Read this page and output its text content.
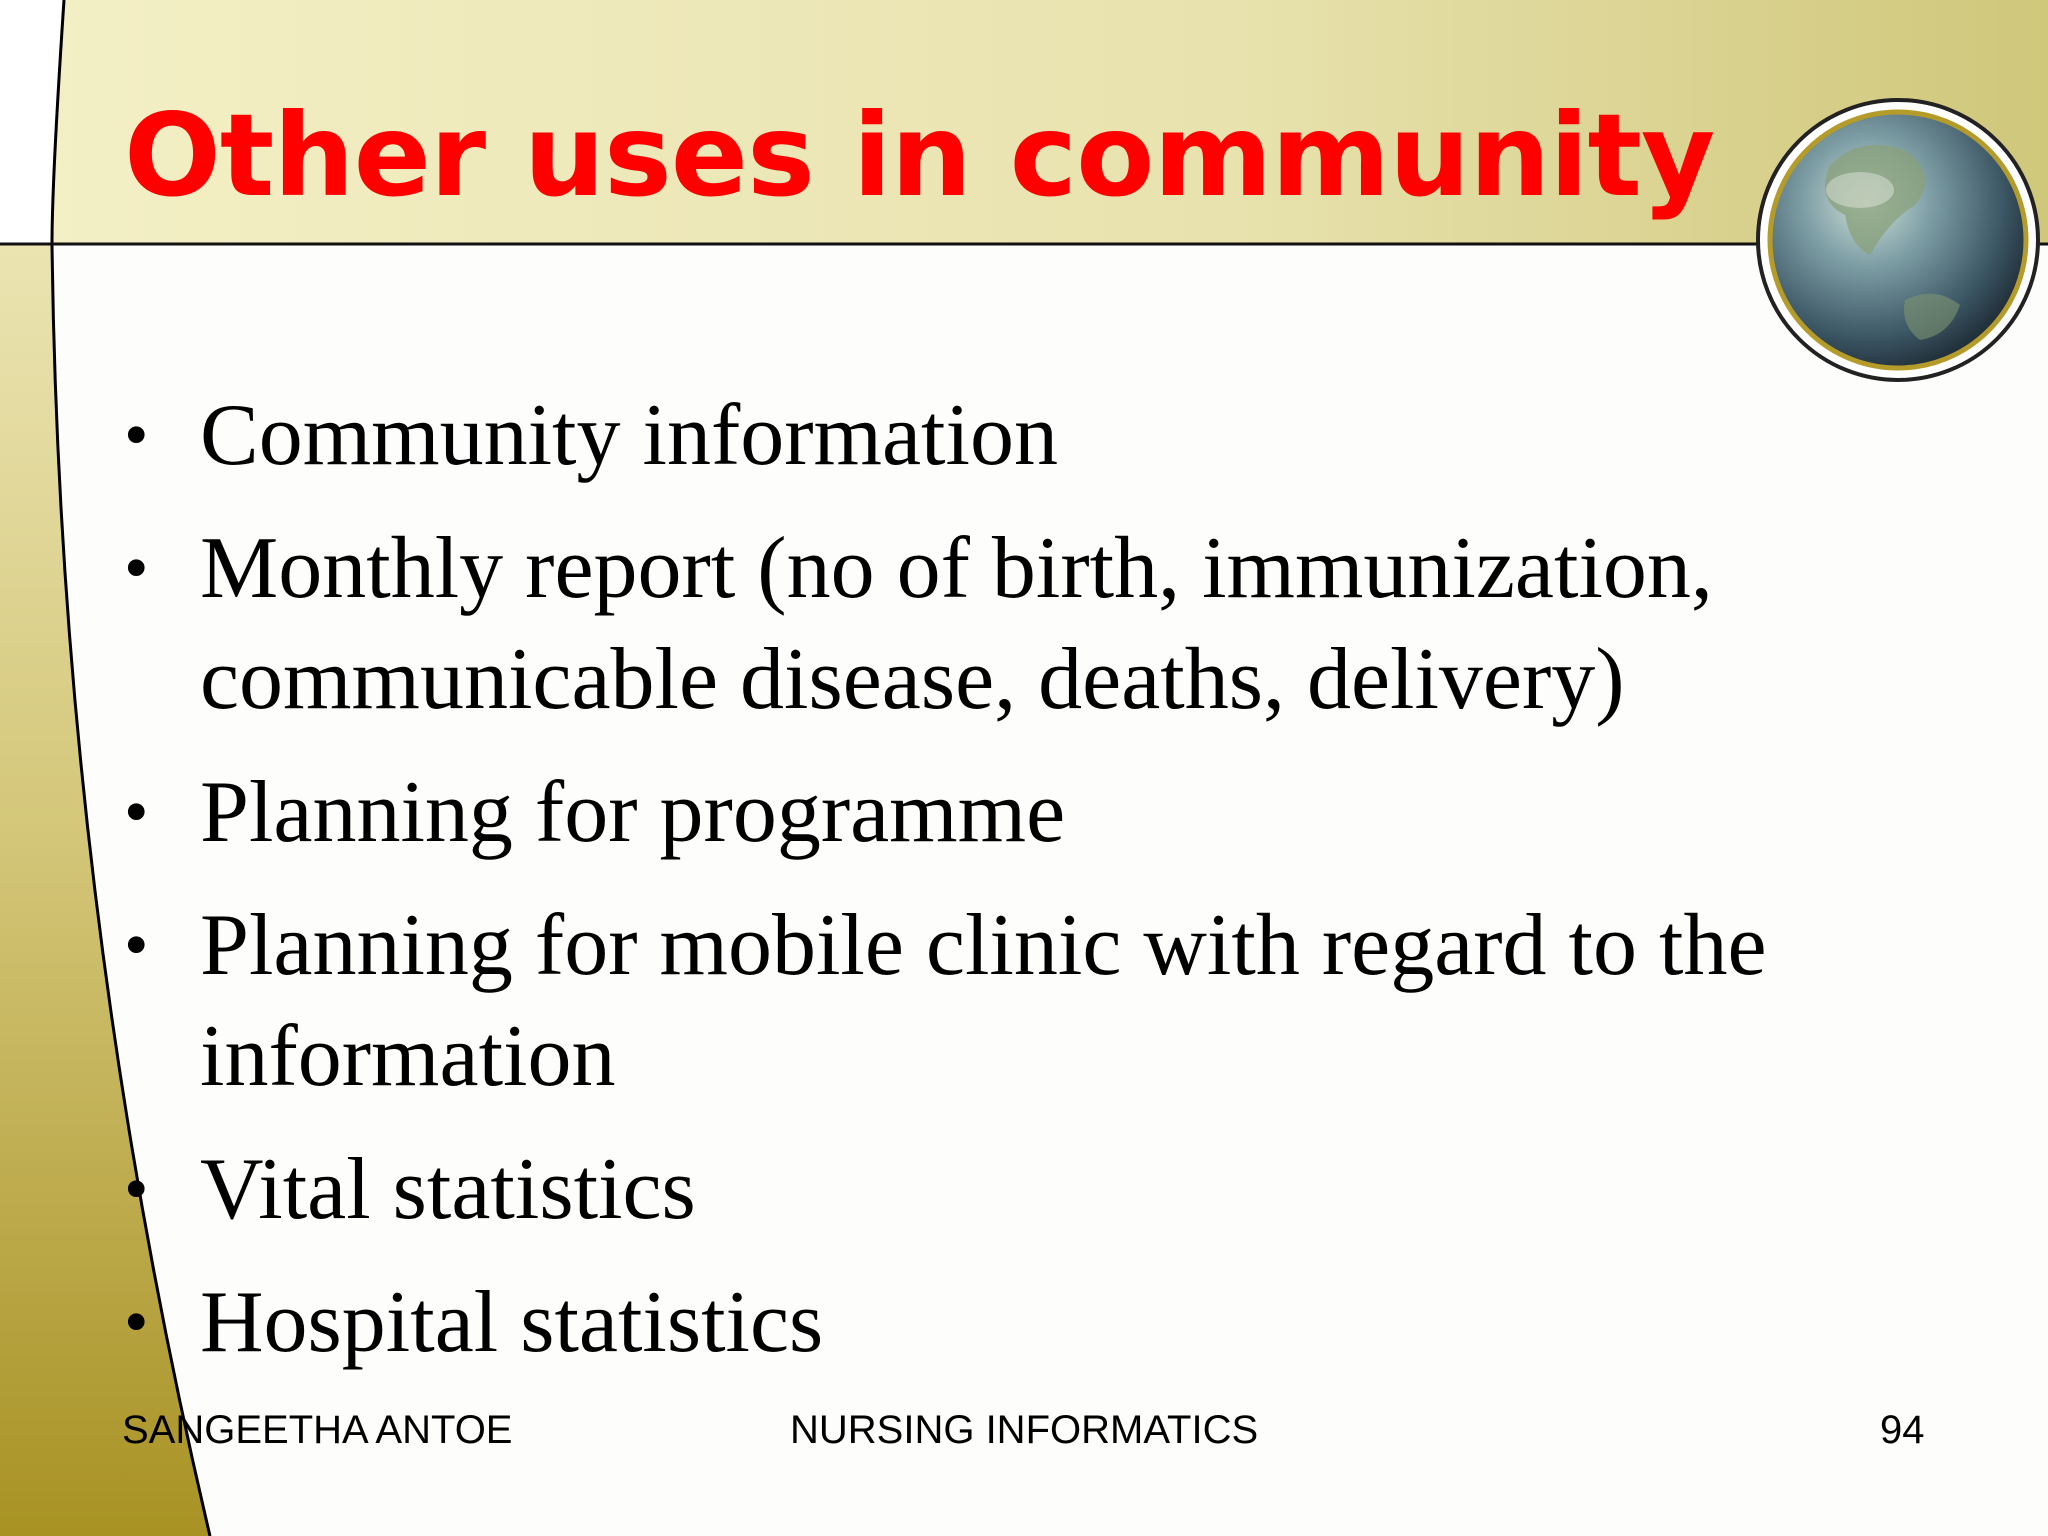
Other uses in community
• Community information
• Monthly report (no of birth, immunization, communicable disease, deaths, delivery)
• Planning for programme
• Planning for mobile clinic with regard to the information
• Vital statistics
• Hospital statistics
SANGEETHA ANTOE	NURSING INFORMATICS	94
